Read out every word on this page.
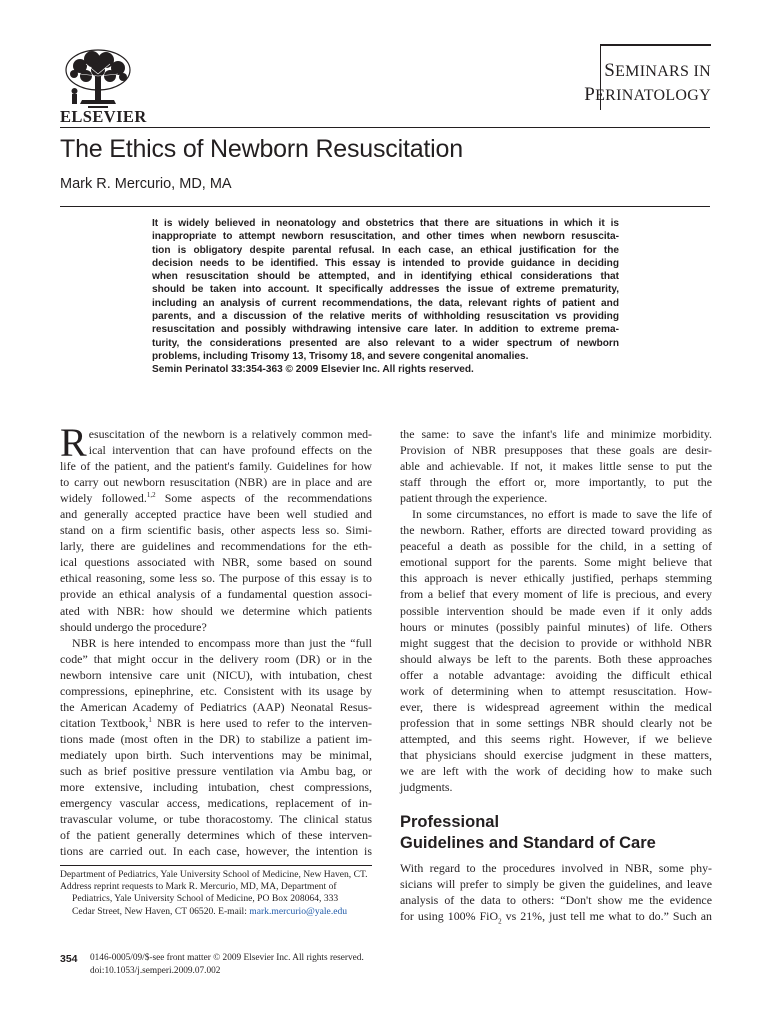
ELSEVIER
SEMINARS IN
PERINATOLOGY
The Ethics of Newborn Resuscitation
Mark R. Mercurio, MD, MA
It is widely believed in neonatology and obstetrics that there are situations in which it is
inappropriate to attempt newborn resuscitation, and other times when newborn resuscita-
tion is obligatory despite parental refusal. In each case, an ethical justification for the
decision needs to be identified. This essay is intended to provide guidance in deciding
when resuscitation should be attempted, and in identifying ethical considerations that
should be taken into account. It specifically addresses the issue of extreme prematurity,
including an analysis of current recommendations, the data, relevant rights of patient and
parents, and a discussion of the relative merits of withholding resuscitation vs providing
resuscitation and possibly withdrawing intensive care later. In addition to extreme prema-
turity, the considerations presented are also relevant to a wider spectrum of newborn
problems, including Trisomy 13, Trisomy 18, and severe congenital anomalies.
Semin Perinatol 33:354-363 © 2009 Elsevier Inc. All rights reserved.
R esuscitation of the newborn is a relatively common med-
ical intervention that can have profound effects on the
life of the patient, and the patient's family. Guidelines for how
to carry out newborn resuscitation (NBR) are in place and are
widely followed.$^{1,2}$ Some aspects of the recommendations
and generally accepted practice have been well studied and
stand on a firm scientific basis, other aspects less so. Simi-
larly, there are guidelines and recommendations for the eth-
ical questions associated with NBR, some based on sound
ethical reasoning, some less so. The purpose of this essay is to
provide an ethical analysis of a fundamental question associ-
ated with NBR: how should we determine which patients
should undergo the procedure?
NBR is here intended to encompass more than just the “full
code” that might occur in the delivery room (DR) or in the
newborn intensive care unit (NICU), with intubation, chest
compressions, epinephrine, etc. Consistent with its usage by
the American Academy of Pediatrics (AAP) Neonatal Resus-
citation Textbook,$^1$ NBR is here used to refer to the interven-
tions made (most often in the DR) to stabilize a patient im-
mediately upon birth. Such interventions may be minimal,
such as brief positive pressure ventilation via Ambu bag, or
more extensive, including intubation, chest compressions,
emergency vascular access, medications, replacement of in-
travascular volume, or tube thoracostomy. The clinical status
of the patient generally determines which of these interven-
tions are carried out. In each case, however, the intention is
the same: to save the infant's life and minimize morbidity.
Provision of NBR presupposes that these goals are desir-
able and achievable. If not, it makes little sense to put the
staff through the effort or, more importantly, to put the
patient through the experience.
In some circumstances, no effort is made to save the life of
the newborn. Rather, efforts are directed toward providing as
peaceful a death as possible for the child, in a setting of
emotional support for the parents. Some might believe that
this approach is never ethically justified, perhaps stemming
from a belief that every moment of life is precious, and every
possible intervention should be made even if it only adds
hours or minutes (possibly painful minutes) of life. Others
might suggest that the decision to provide or withhold NBR
should always be left to the parents. Both these approaches
offer a notable advantage: avoiding the difficult ethical
work of determining when to attempt resuscitation. How-
ever, there is widespread agreement within the medical
profession that in some settings NBR should clearly not be
attempted, and this seems right. However, if we believe
that physicians should exercise judgment in these matters,
we are left with the work of deciding how to make such
judgments.
Professional
Guidelines and Standard of Care
With regard to the procedures involved in NBR, some phy-
sicians will prefer to simply be given the guidelines, and leave
analysis of the data to others: “Don't show me the evidence
for using 100% FiO$_2$ vs 21%, just tell me what to do.” Such an
Department of Pediatrics, Yale University School of Medicine, New Haven, CT.
Address reprint requests to Mark R. Mercurio, MD, MA, Department of
Pediatrics, Yale University School of Medicine, PO Box 208064, 333
Cedar Street, New Haven, CT 06520. E-mail: mark.mercurio@yale.edu
354 0146-0005/09/$-see front matter © 2009 Elsevier Inc. All rights reserved.
doi:10.1053/j.semperi.2009.07.002
